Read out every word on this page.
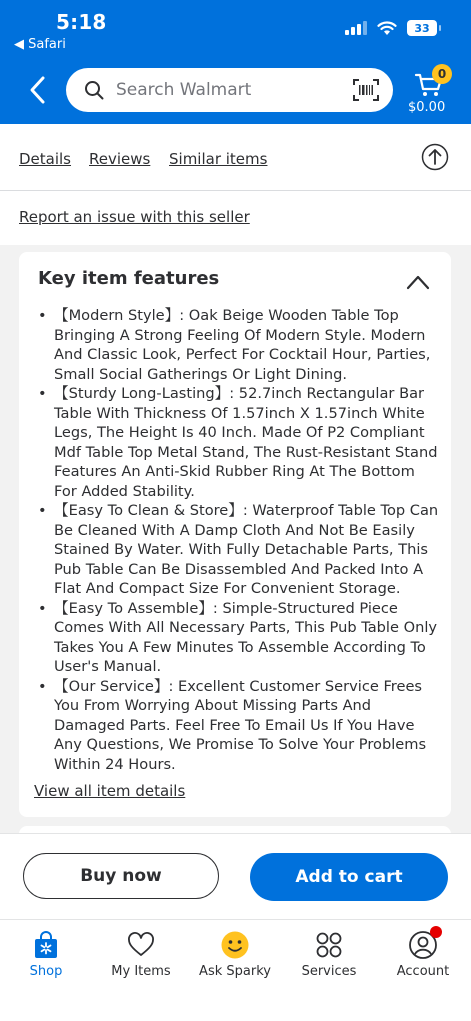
5:18
◀ Safari
33
Search Walmart
0
$0.00
Details Reviews Similar items
Report an issue with this seller
Key item features
• 【Modern Style】: Oak Beige Wooden Table Top Bringing A Strong Feeling Of Modern Style. Modern And Classic Look, Perfect For Cocktail Hour, Parties, Small Social Gatherings Or Light Dining.
• 【Sturdy Long-Lasting】: 52.7inch Rectangular Bar Table With Thickness Of 1.57inch X 1.57inch White Legs, The Height Is 40 Inch. Made Of P2 Compliant Mdf Table Top Metal Stand, The Rust-Resistant Stand Features An Anti-Skid Rubber Ring At The Bottom For Added Stability.
• 【Easy To Clean & Store】: Waterproof Table Top Can Be Cleaned With A Damp Cloth And Not Be Easily Stained By Water. With Fully Detachable Parts, This Pub Table Can Be Disassembled And Packed Into A Flat And Compact Size For Convenient Storage.
• 【Easy To Assemble】: Simple-Structured Piece Comes With All Necessary Parts, This Pub Table Only Takes You A Few Minutes To Assemble According To User's Manual.
• 【Our Service】: Excellent Customer Service Frees You From Worrying About Missing Parts And Damaged Parts. Feel Free To Email Us If You Have Any Questions, We Promise To Solve Your Problems Within 24 Hours.
View all item details
Buy now	Add to cart
Shop	My Items	Ask Sparky	Services	Account
